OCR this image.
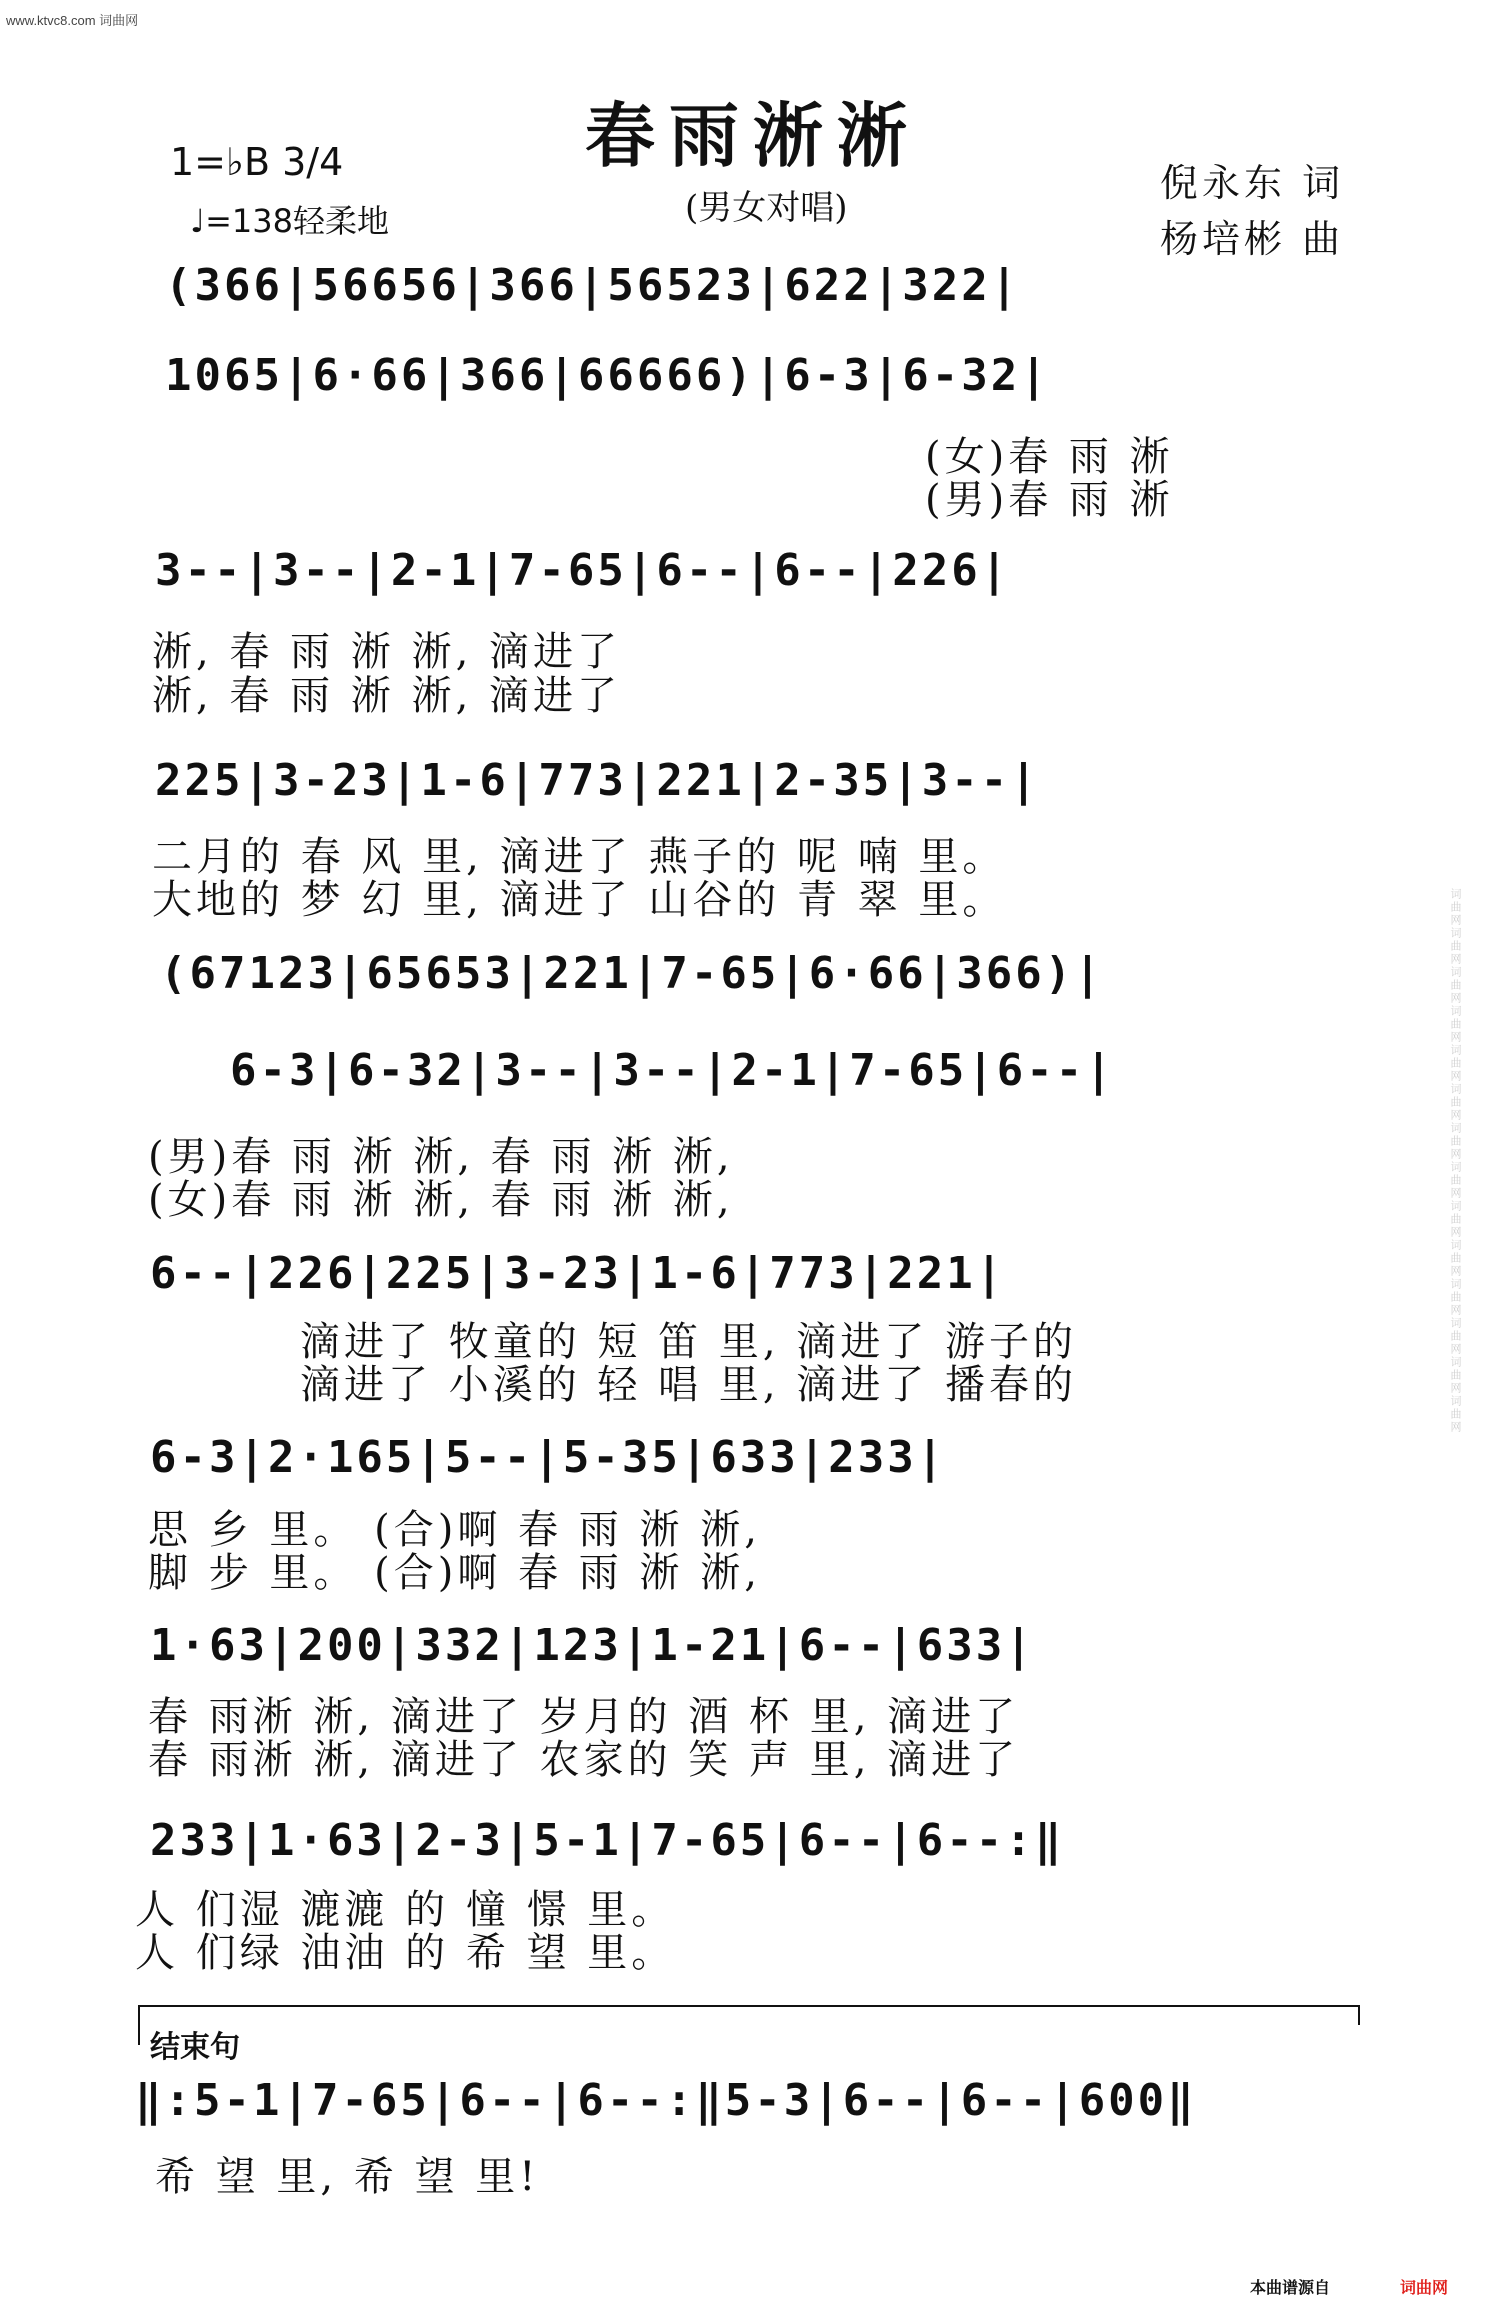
www.ktvc8.com 词曲网
词曲网词曲网词曲网词曲网词曲网词曲网词曲网词曲网词曲网词曲网词曲网词曲网词曲网词曲网
春雨淅淅
(男女对唱)
1=♭B 3/4
♩=138轻柔地
倪永东 词
杨培彬 曲
(366|56656|366|56523|622|322|
1065|6·66|366|66666)|6-3|6-32|
(女)春 雨 淅
(男)春 雨 淅
3--|3--|2-1|7-65|6--|6--|226|
淅, 春 雨 淅 淅, 滴进了
淅, 春 雨 淅 淅, 滴进了
225|3-23|1-6|773|221|2-35|3--|
二月的 春 风 里, 滴进了 燕子的 呢 喃 里。
大地的 梦 幻 里, 滴进了 山谷的 青 翠 里。
(67123|65653|221|7-65|6·66|366)|
6-3|6-32|3--|3--|2-1|7-65|6--|
(男)春 雨 淅 淅, 春 雨 淅 淅,
(女)春 雨 淅 淅, 春 雨 淅 淅,
6--|226|225|3-23|1-6|773|221|
滴进了 牧童的 短 笛 里, 滴进了 游子的
滴进了 小溪的 轻 唱 里, 滴进了 播春的
6-3|2·165|5--|5-35|633|233|
思 乡 里。 (合)啊 春 雨 淅 淅,
脚 步 里。 (合)啊 春 雨 淅 淅,
1·63|200|332|123|1-21|6--|633|
春 雨淅 淅, 滴进了 岁月的 酒 杯 里, 滴进了
春 雨淅 淅, 滴进了 农家的 笑 声 里, 滴进了
233|1·63|2-3|5-1|7-65|6--|6--:‖
人 们湿 漉漉 的 憧 憬 里。
人 们绿 油油 的 希 望 里。
结束句
‖:5-1|7-65|6--|6--:‖5-3|6--|6--|600‖
希 望 里, 希 望 里!
本曲谱源自	词曲网
